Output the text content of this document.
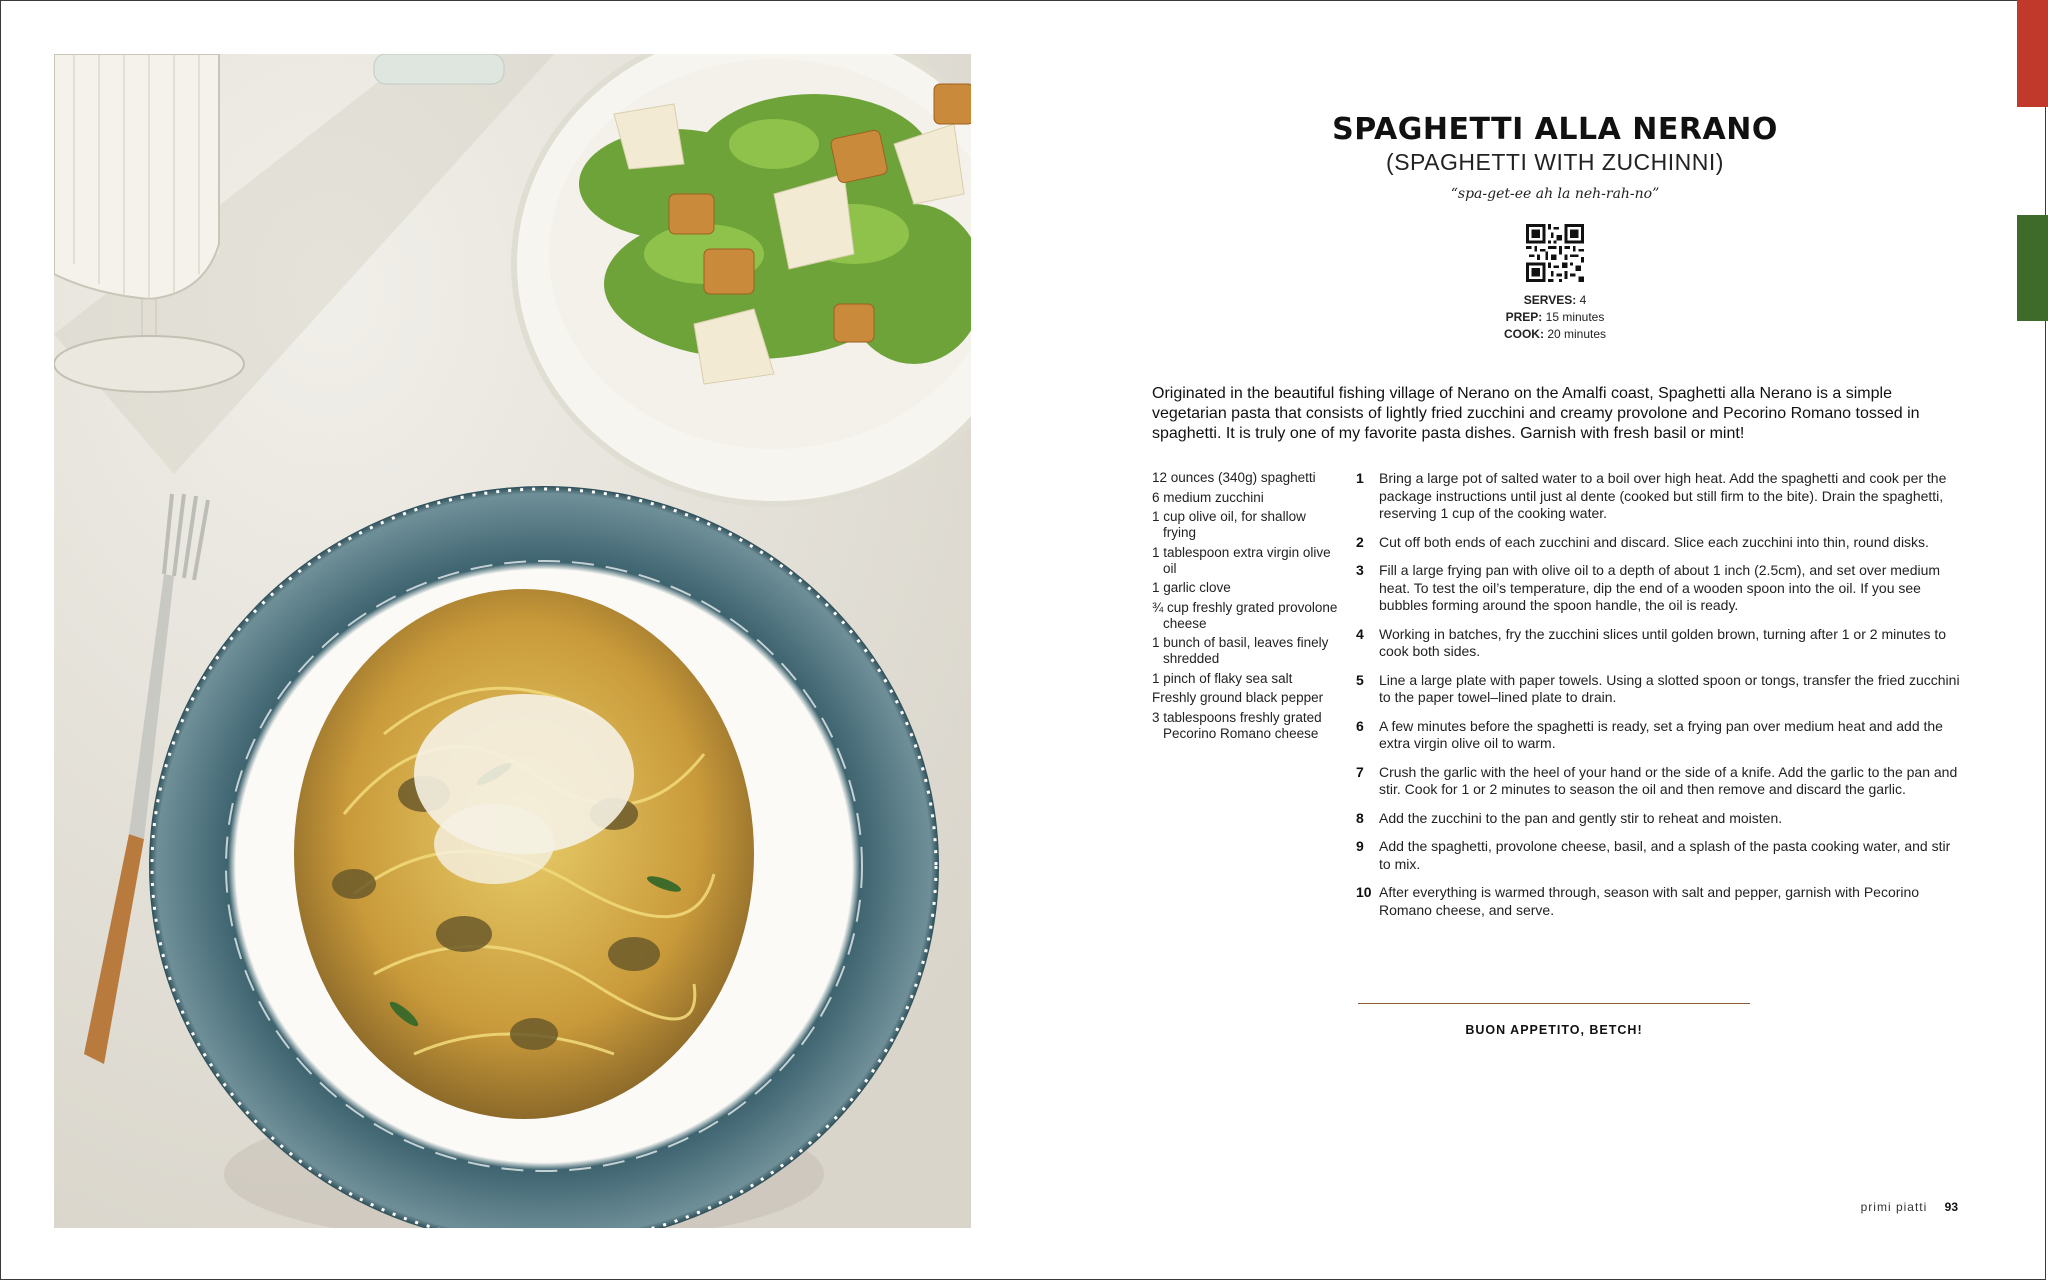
SPAGHETTI ALLA NERANO
(SPAGHETTI WITH ZUCHINNI)
“spa-get-ee ah la neh-rah-no”
SERVES: 4
PREP: 15 minutes
COOK: 20 minutes

Originated in the beautiful fishing village of Nerano on the Amalfi coast, Spaghetti alla Nerano is a simple vegetarian pasta that consists of lightly fried zucchini and creamy provolone and Pecorino Romano tossed in spaghetti. It is truly one of my favorite pasta dishes. Garnish with fresh basil or mint!

12 ounces (340g) spaghetti
6 medium zucchini
1 cup olive oil, for shallow frying
1 tablespoon extra virgin olive oil
1 garlic clove
¾ cup freshly grated provolone cheese
1 bunch of basil, leaves finely shredded
1 pinch of flaky sea salt
Freshly ground black pepper
3 tablespoons freshly grated Pecorino Romano cheese
1 Bring a large pot of salted water to a boil over high heat. Add the spaghetti and cook per the package instructions until just al dente (cooked but still firm to the bite). Drain the spaghetti, reserving 1 cup of the cooking water.
2 Cut off both ends of each zucchini and discard. Slice each zucchini into thin, round disks.
3 Fill a large frying pan with olive oil to a depth of about 1 inch (2.5cm), and set over medium heat. To test the oil’s temperature, dip the end of a wooden spoon into the oil. If you see bubbles forming around the spoon handle, the oil is ready.
4 Working in batches, fry the zucchini slices until golden brown, turning after 1 or 2 minutes to cook both sides.
5 Line a large plate with paper towels. Using a slotted spoon or tongs, transfer the fried zucchini to the paper towel–lined plate to drain.
6 A few minutes before the spaghetti is ready, set a frying pan over medium heat and add the extra virgin olive oil to warm.
7 Crush the garlic with the heel of your hand or the side of a knife. Add the garlic to the pan and stir. Cook for 1 or 2 minutes to season the oil and then remove and discard the garlic.
8 Add the zucchini to the pan and gently stir to reheat and moisten.
9 Add the spaghetti, provolone cheese, basil, and a splash of the pasta cooking water, and stir to mix.
10 After everything is warmed through, season with salt and pepper, garnish with Pecorino Romano cheese, and serve.
BUON APPETITO, BETCH!
primi piatti 93
